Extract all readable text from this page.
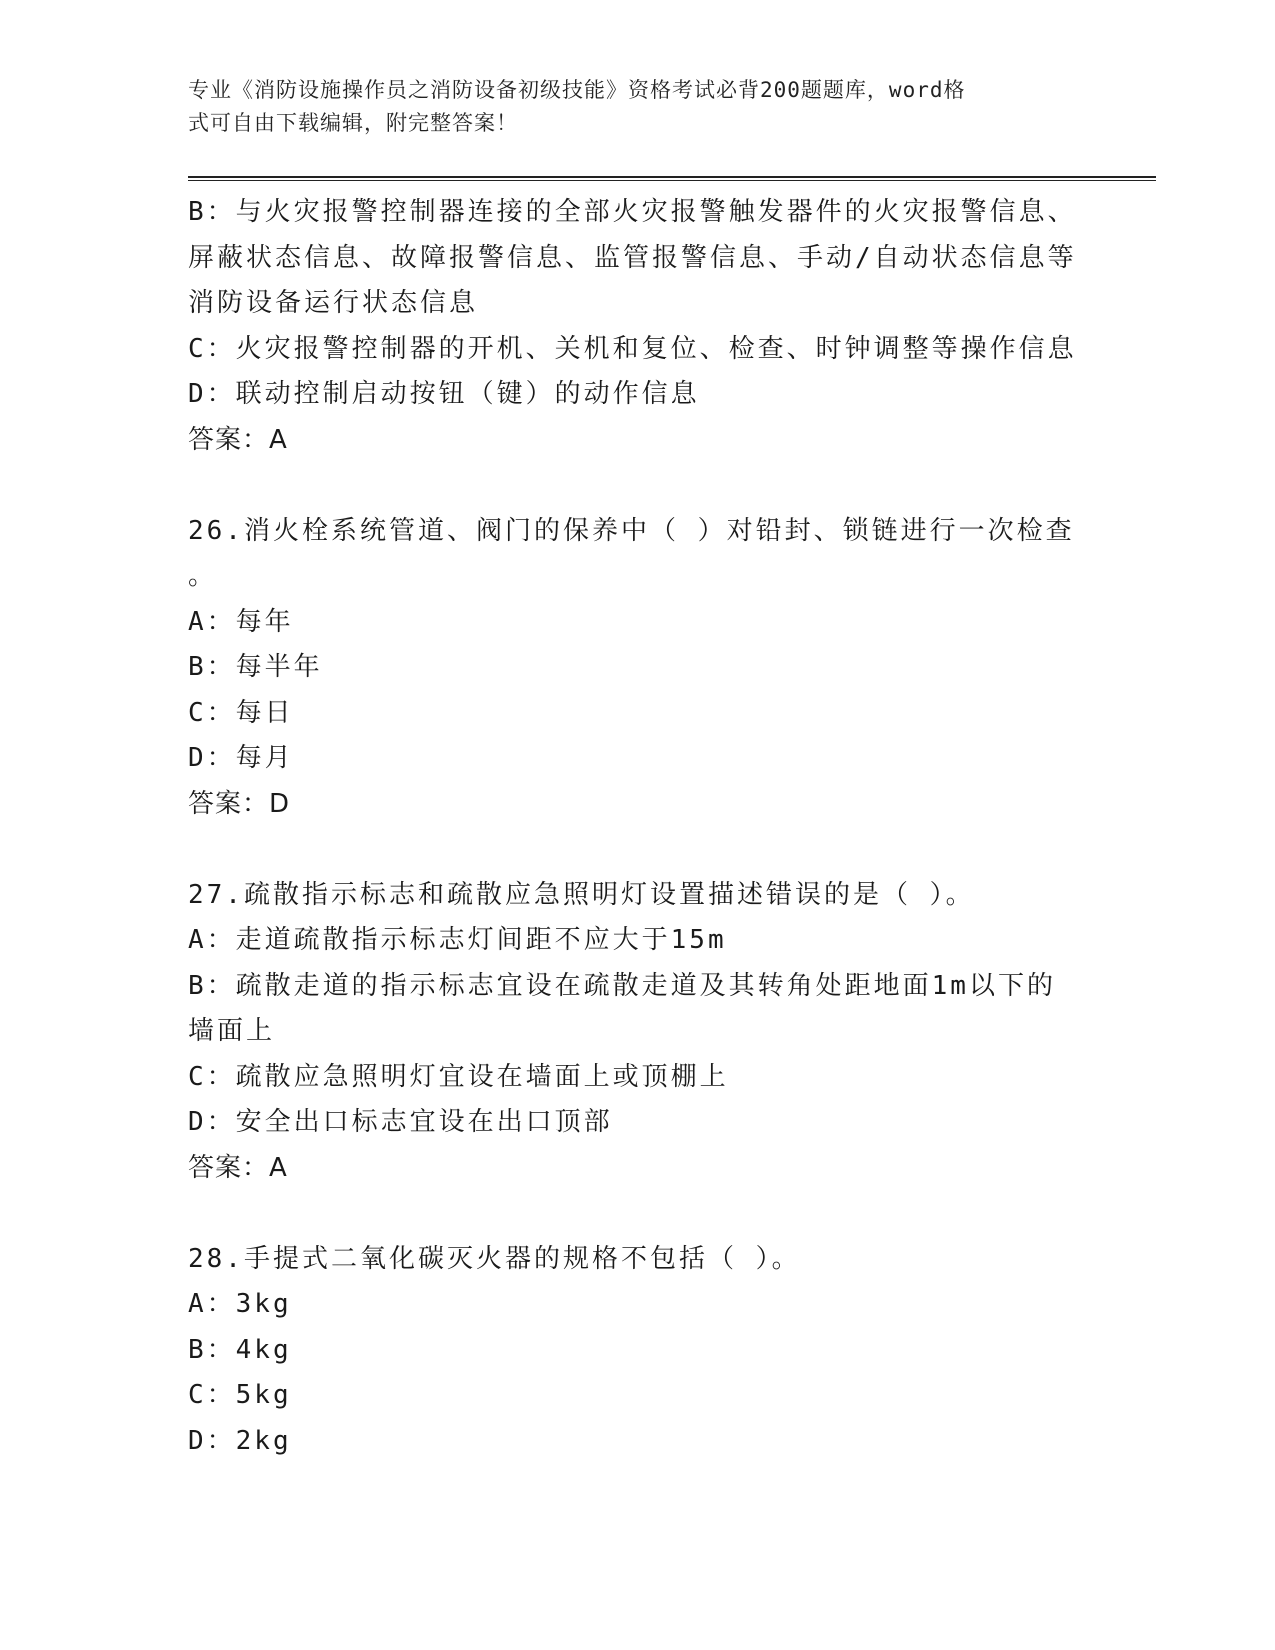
专业《消防设施操作员之消防设备初级技能》资格考试必背200题题库，word格
式可自由下载编辑，附完整答案！
B：与火灾报警控制器连接的全部火灾报警触发器件的火灾报警信息、
屏蔽状态信息、故障报警信息、监管报警信息、手动/自动状态信息等
消防设备运行状态信息
C：火灾报警控制器的开机、关机和复位、检查、时钟调整等操作信息
D：联动控制启动按钮（键）的动作信息
答案：A
26.消火栓系统管道、阀门的保养中（ ）对铅封、锁链进行一次检查
。
A：每年
B：每半年
C：每日
D：每月
答案：D
27.疏散指示标志和疏散应急照明灯设置描述错误的是（ ）。
A：走道疏散指示标志灯间距不应大于15m
B：疏散走道的指示标志宜设在疏散走道及其转角处距地面1m以下的
墙面上
C：疏散应急照明灯宜设在墙面上或顶棚上
D：安全出口标志宜设在出口顶部
答案：A
28.手提式二氧化碳灭火器的规格不包括（ ）。
A：3kg
B：4kg
C：5kg
D：2kg
